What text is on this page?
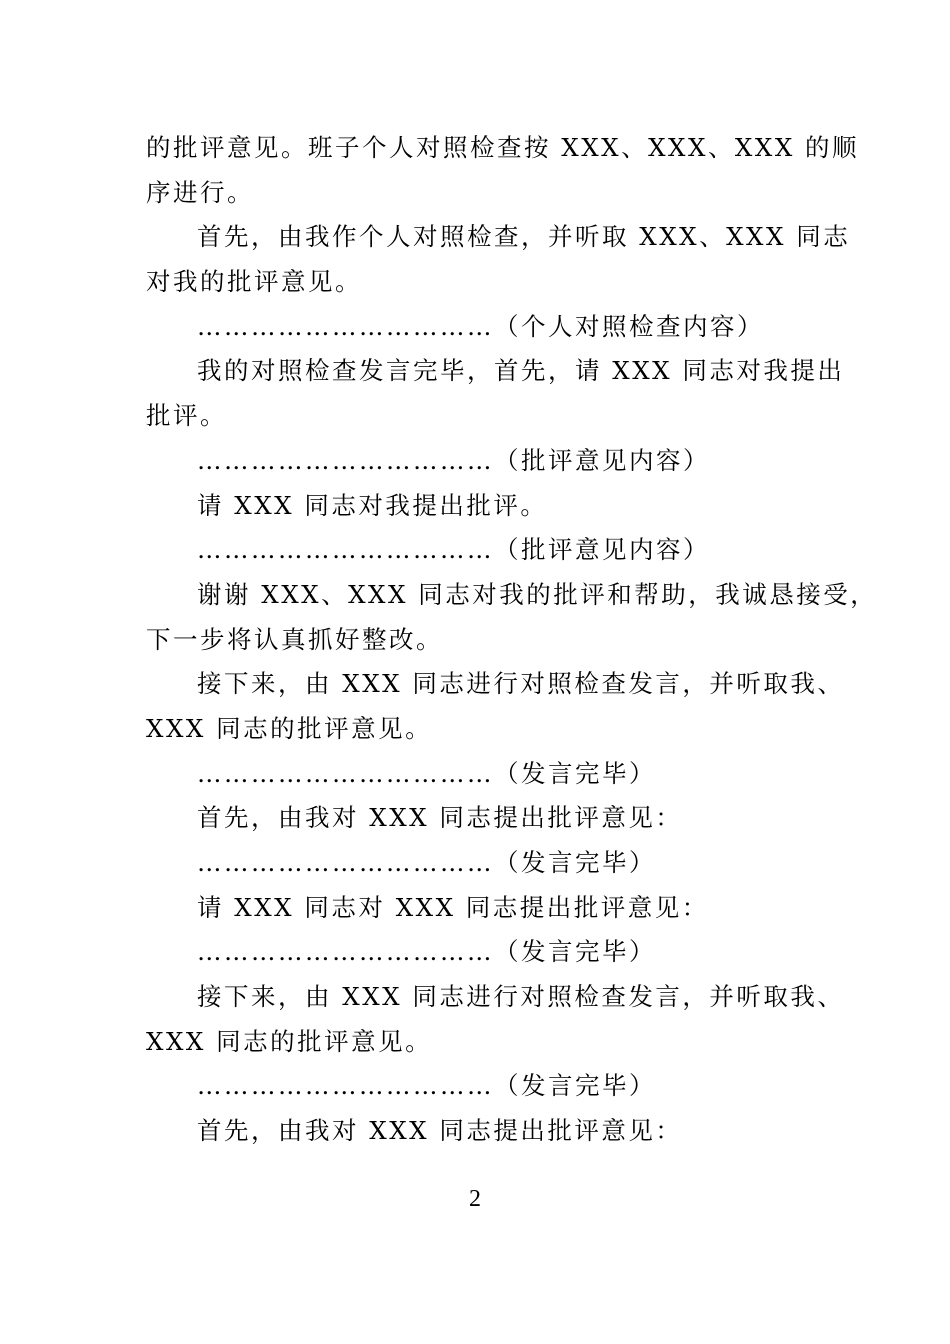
的批评意见。班子个人对照检查按 XXX、XXX、XXX 的顺
序进行。
首先，由我作个人对照检查，并听取 XXX、XXX 同志
对我的批评意见。
……………………………（个人对照检查内容）
我的对照检查发言完毕，首先，请 XXX 同志对我提出
批评。
……………………………（批评意见内容）
请 XXX 同志对我提出批评。
……………………………（批评意见内容）
谢谢 XXX、XXX 同志对我的批评和帮助，我诚恳接受，
下一步将认真抓好整改。
接下来，由 XXX 同志进行对照检查发言，并听取我、
XXX 同志的批评意见。
……………………………（发言完毕）
首先，由我对 XXX 同志提出批评意见：
……………………………（发言完毕）
请 XXX 同志对 XXX 同志提出批评意见：
……………………………（发言完毕）
接下来，由 XXX 同志进行对照检查发言，并听取我、
XXX 同志的批评意见。
……………………………（发言完毕）
首先，由我对 XXX 同志提出批评意见：
2
